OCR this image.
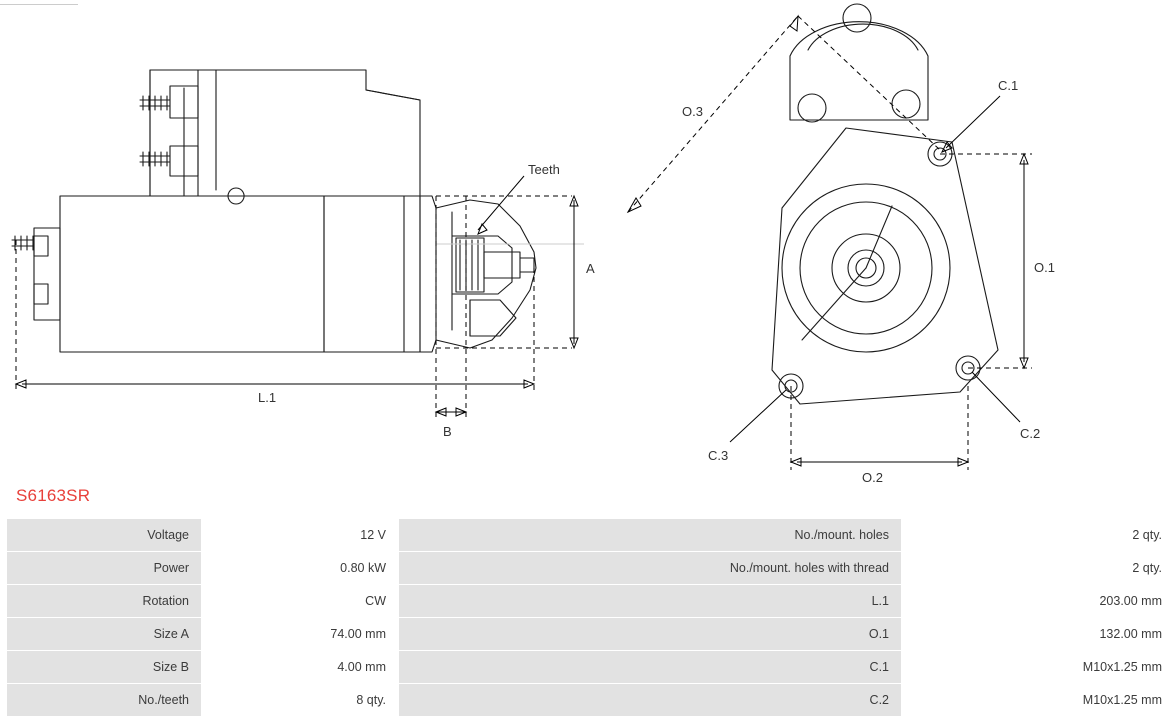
A
L.1
B
Teeth
O.1
O.2
O.3
C.1
C.2
C.3
S6163SR
Voltage	12 V	No./mount. holes	2 qty.
Power	0.80 kW	No./mount. holes with thread	2 qty.
Rotation	CW	L.1	203.00 mm
Size A	74.00 mm	O.1	132.00 mm
Size B	4.00 mm	C.1	M10x1.25 mm
No./teeth	8 qty.	C.2	M10x1.25 mm
